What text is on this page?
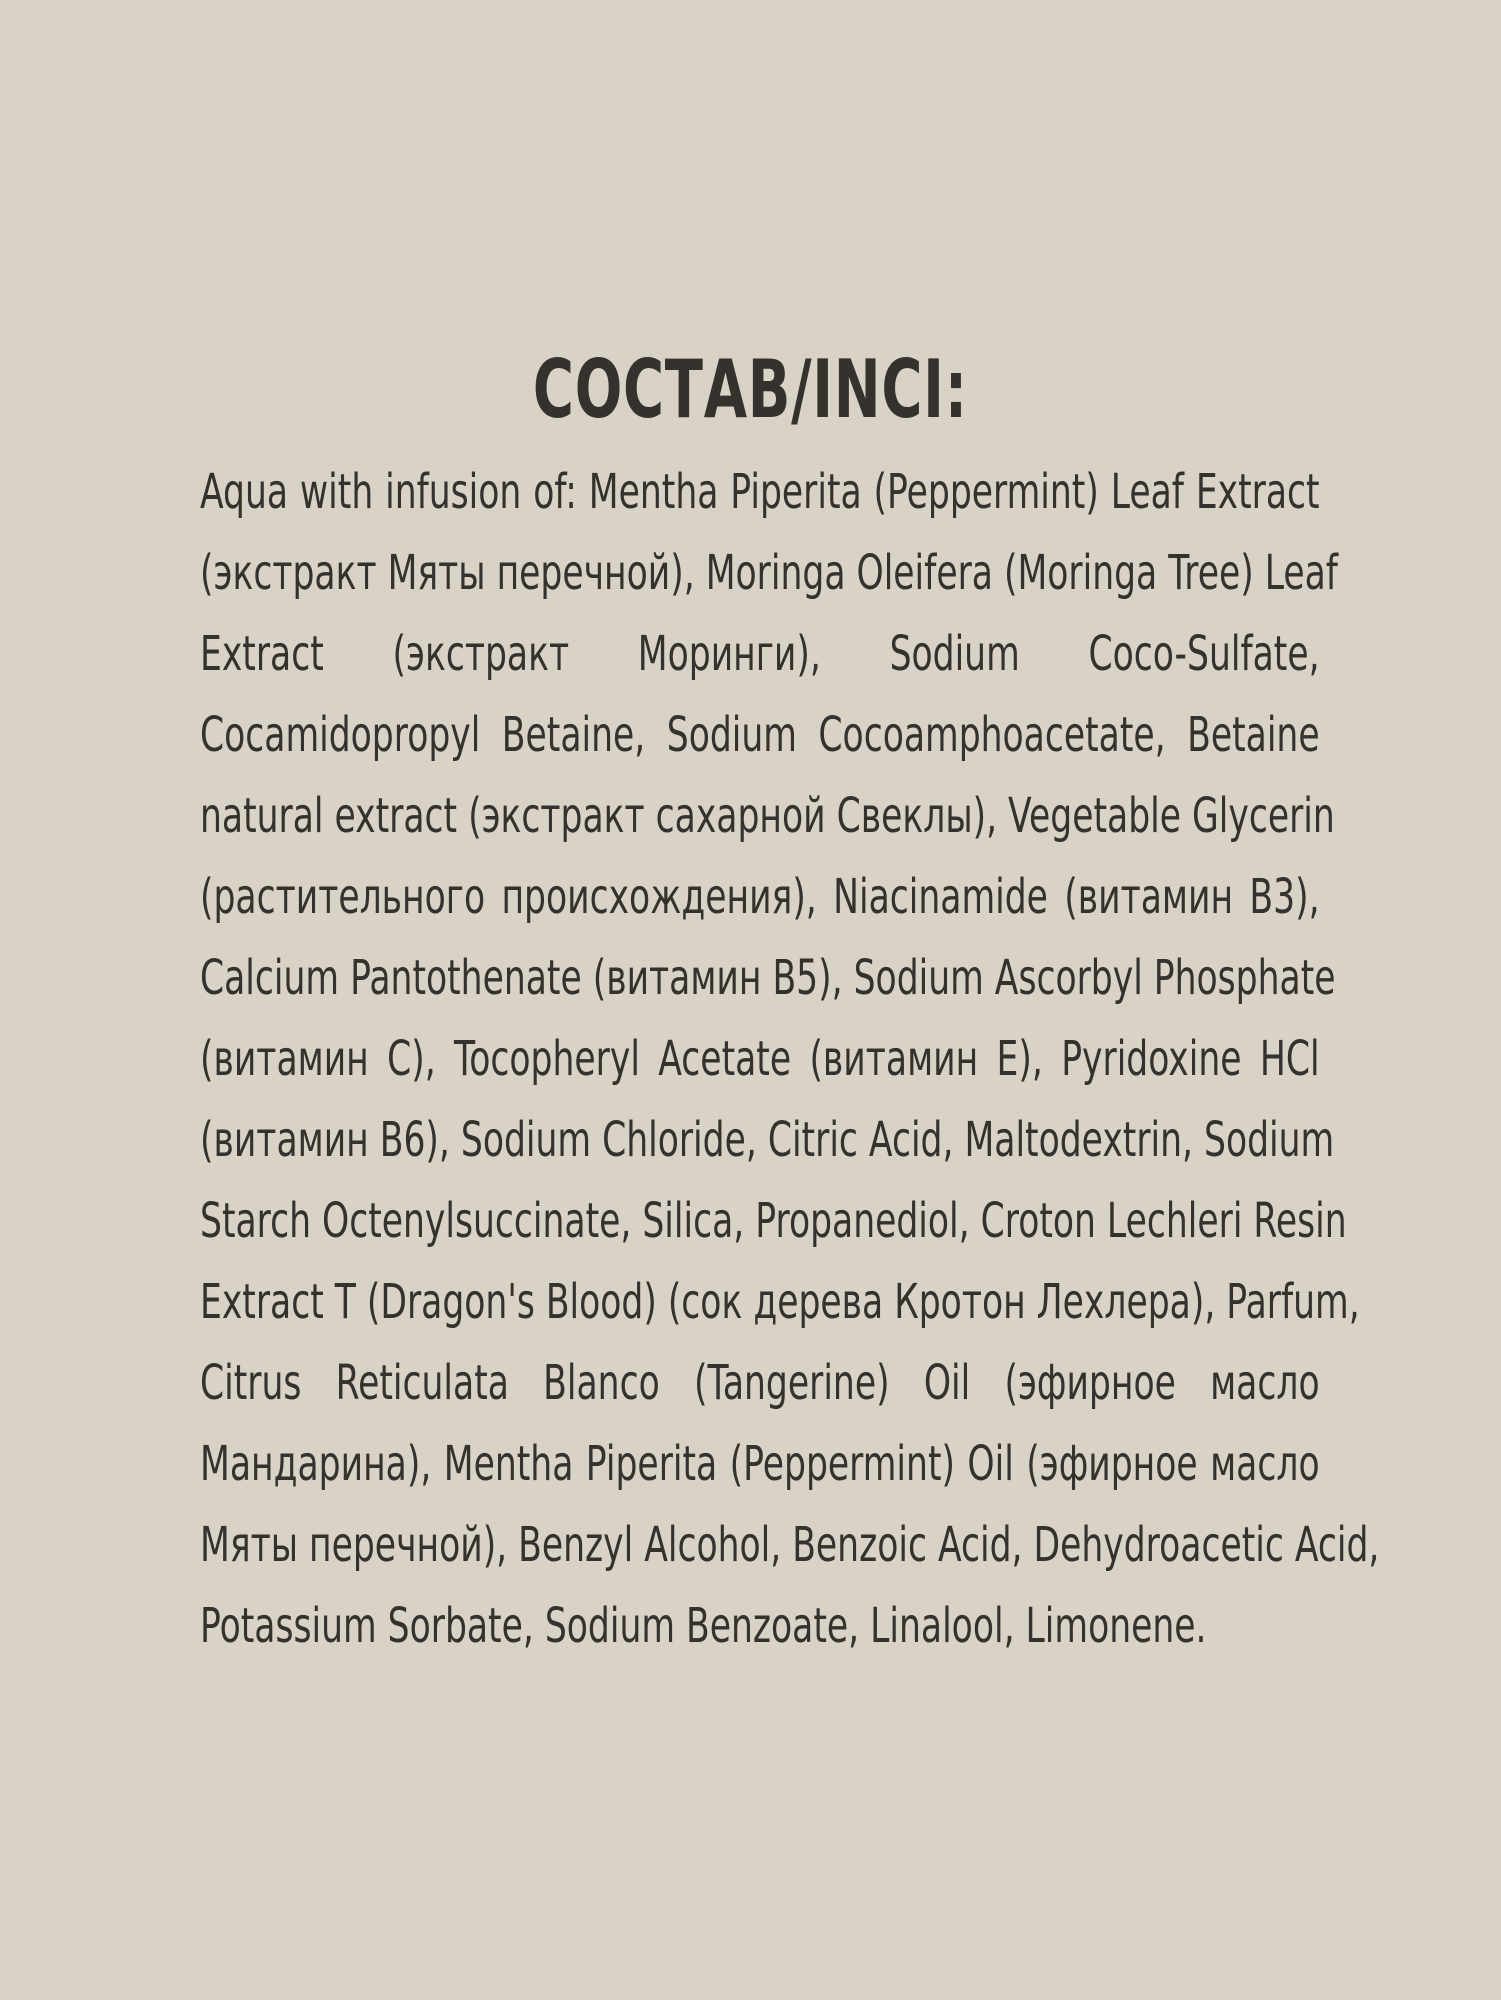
СОСТАВ/INCI:
Aqua with infusion of: Mentha Piperita (Peppermint) Leaf Extract
(экстракт Мяты перечной), Moringa Oleifera (Moringa Tree) Leaf
Extract (экстракт Моринги), Sodium Coco-Sulfate,
Cocamidopropyl Betaine, Sodium Cocoamphoacetate, Betaine
natural extract (экстракт сахарной Свеклы), Vegetable Glycerin
(растительного происхождения), Niacinamide (витамин B3),
Calcium Pantothenate (витамин B5), Sodium Ascorbyl Phosphate
(витамин C), Tocopheryl Acetate (витамин E), Pyridoxine HCl
(витамин B6), Sodium Chloride, Citric Acid, Maltodextrin, Sodium
Starch Octenylsuccinate, Silica, Propanediol, Croton Lechleri Resin
Extract T (Dragon's Blood) (сок дерева Кротон Лехлера), Parfum,
Citrus Reticulata Blanco (Tangerine) Oil (эфирное масло
Мандарина), Mentha Piperita (Peppermint) Oil (эфирное масло
Мяты перечной), Benzyl Alcohol, Benzoic Acid, Dehydroacetic Acid,
Potassium Sorbate, Sodium Benzoate, Linalool, Limonene.
